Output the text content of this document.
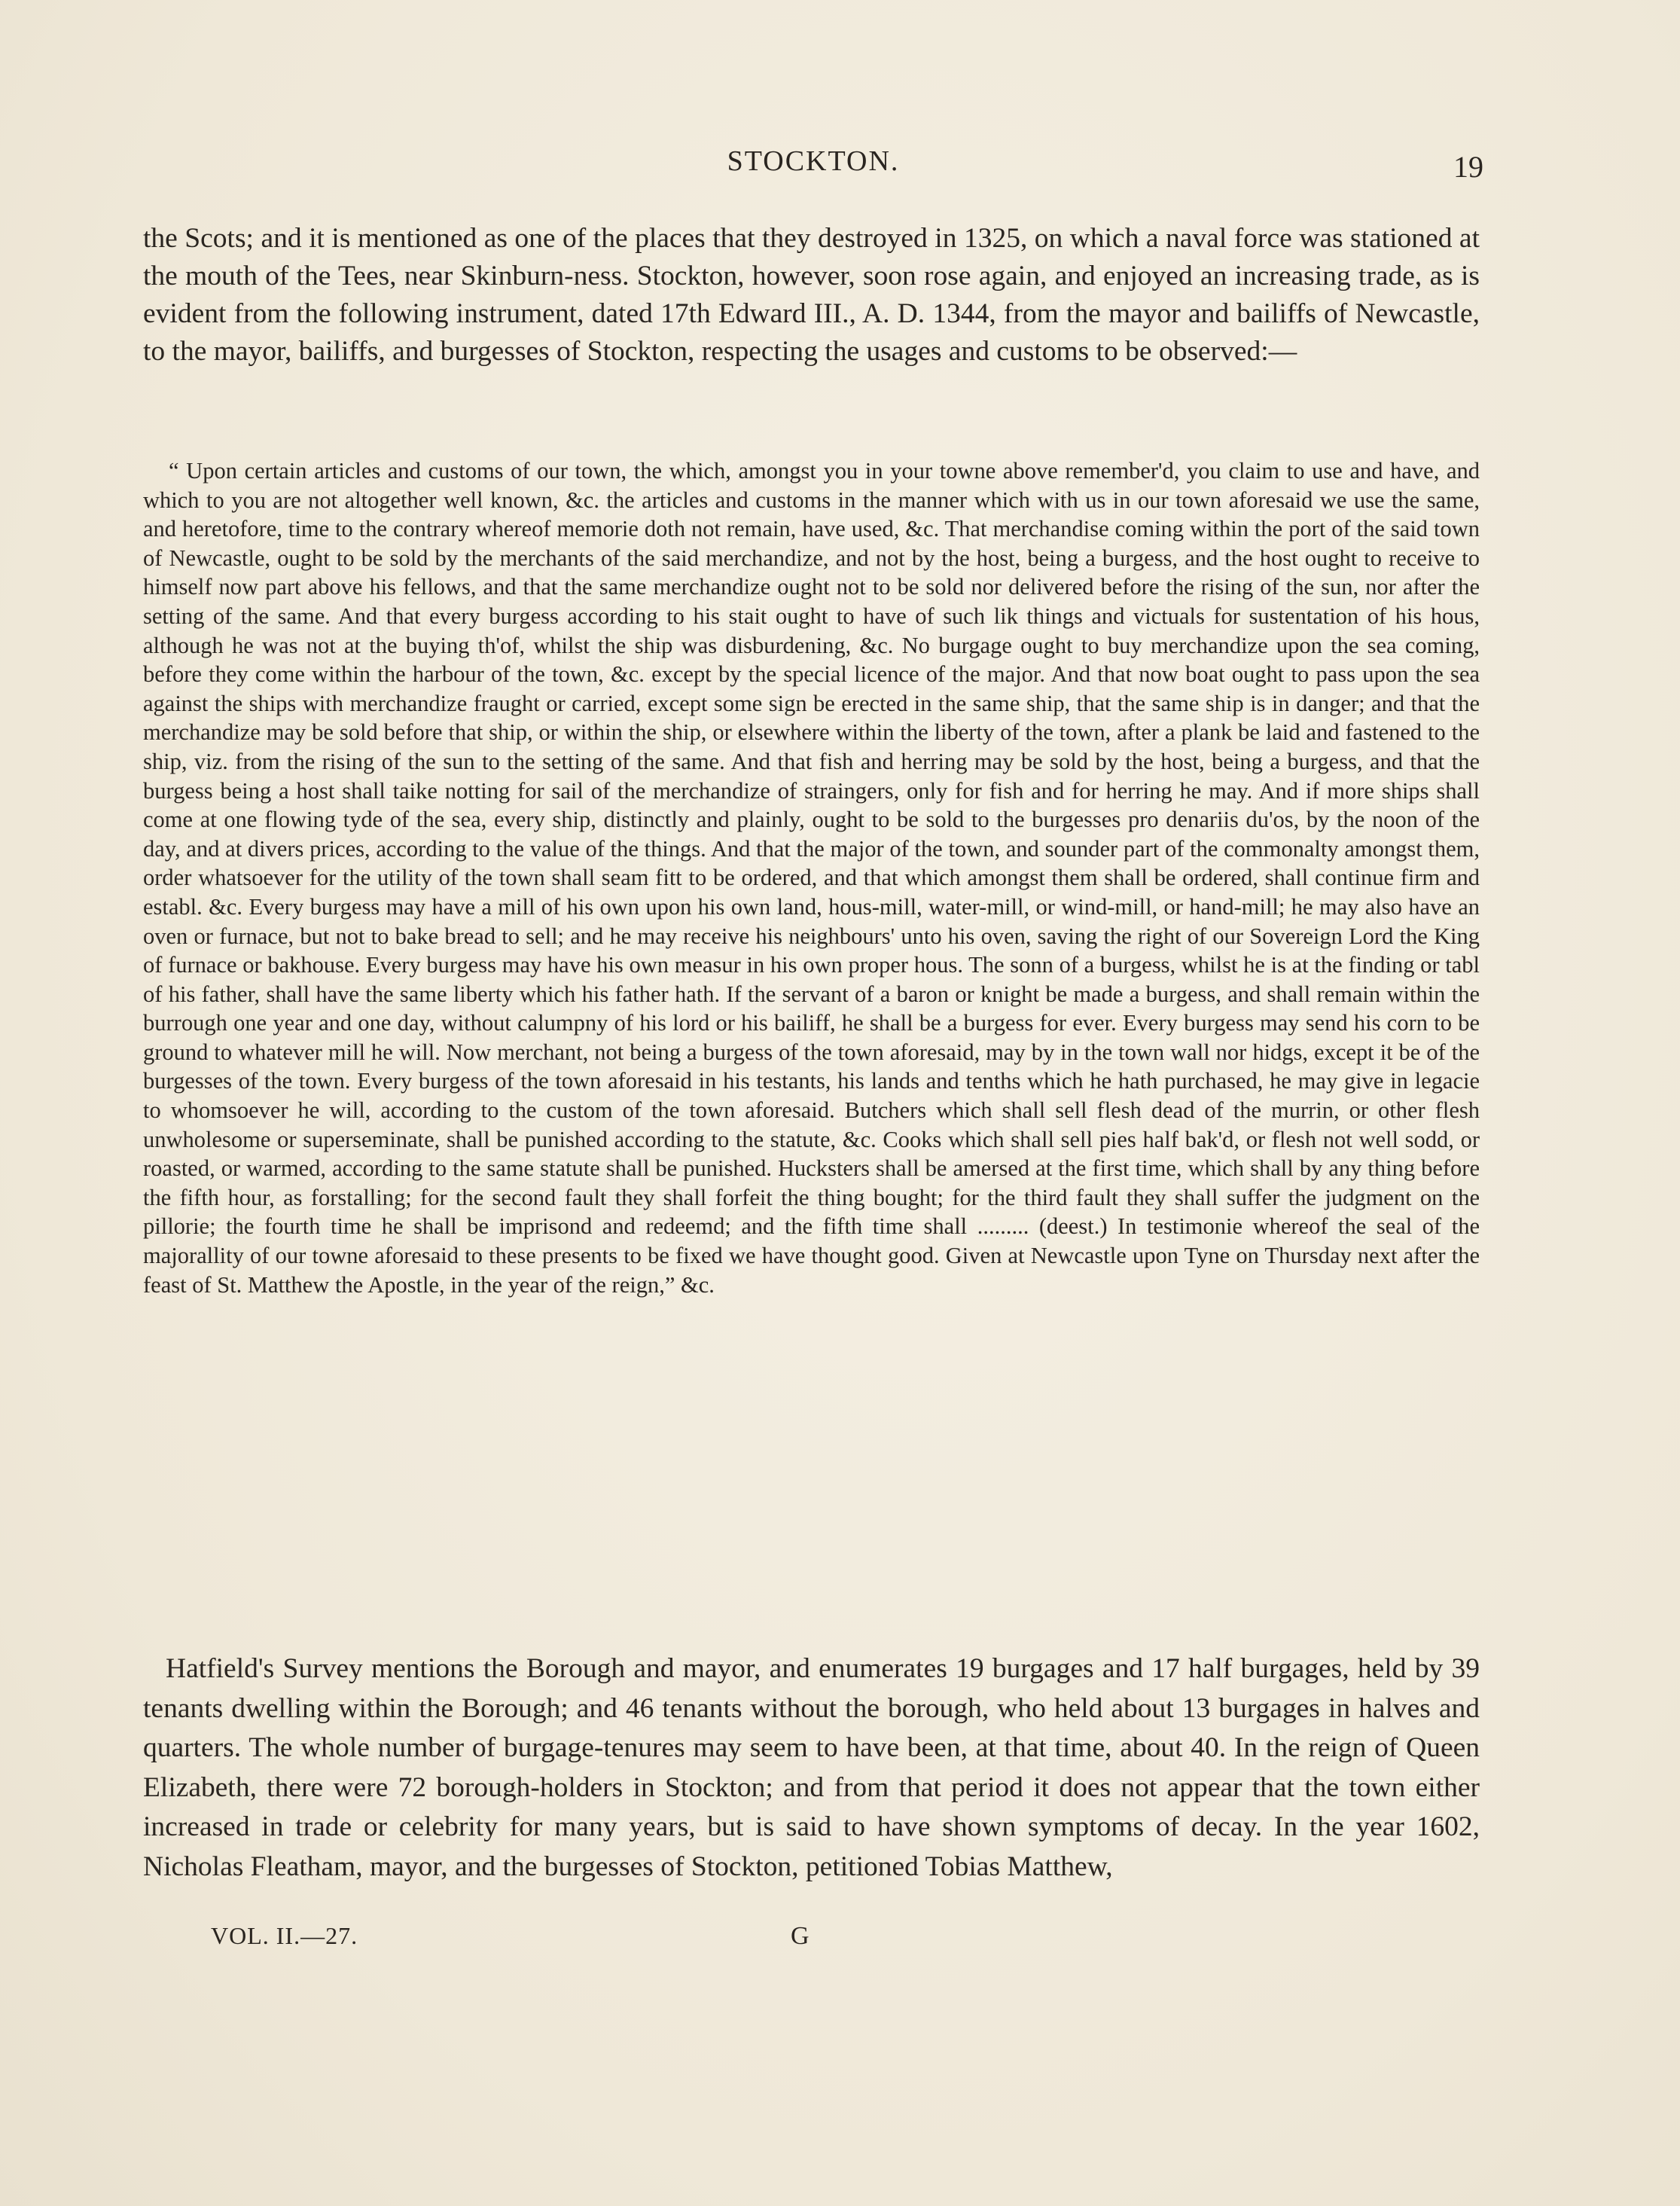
STOCKTON.	19

the Scots; and it is mentioned as one of the places that they destroyed in 1325, on which a naval force was stationed at the mouth of the Tees, near Skinburn-ness. Stockton, however, soon rose again, and enjoyed an increasing trade, as is evident from the following instrument, dated 17th Edward III., A. D. 1344, from the mayor and bailiffs of Newcastle, to the mayor, bailiffs, and burgesses of Stockton, respecting the usages and customs to be observed:—

“ Upon certain articles and customs of our town, the which, amongst you in your towne above remember'd, you claim to use and have, and which to you are not altogether well known, &c. the articles and customs in the manner which with us in our town aforesaid we use the same, and heretofore, time to the contrary whereof memorie doth not remain, have used, &c. That merchandise coming within the port of the said town of Newcastle, ought to be sold by the merchants of the said merchandize, and not by the host, being a burgess, and the host ought to receive to himself now part above his fellows, and that the same merchandize ought not to be sold nor delivered before the rising of the sun, nor after the setting of the same. And that every burgess according to his stait ought to have of such lik things and victuals for sustentation of his hous, although he was not at the buying th'of, whilst the ship was disburdening, &c. No burgage ought to buy merchandize upon the sea coming, before they come within the harbour of the town, &c. except by the special licence of the major. And that now boat ought to pass upon the sea against the ships with merchandize fraught or carried, except some sign be erected in the same ship, that the same ship is in danger; and that the merchandize may be sold before that ship, or within the ship, or elsewhere within the liberty of the town, after a plank be laid and fastened to the ship, viz. from the rising of the sun to the setting of the same. And that fish and herring may be sold by the host, being a burgess, and that the burgess being a host shall taike notting for sail of the merchandize of straingers, only for fish and for herring he may. And if more ships shall come at one flowing tyde of the sea, every ship, distinctly and plainly, ought to be sold to the burgesses pro denariis du'os, by the noon of the day, and at divers prices, according to the value of the things. And that the major of the town, and sounder part of the commonalty amongst them, order whatsoever for the utility of the town shall seam fitt to be ordered, and that which amongst them shall be ordered, shall continue firm and establ. &c. Every burgess may have a mill of his own upon his own land, hous-mill, water-mill, or wind-mill, or hand-mill; he may also have an oven or furnace, but not to bake bread to sell; and he may receive his neighbours' unto his oven, saving the right of our Sovereign Lord the King of furnace or bakhouse. Every burgess may have his own measur in his own proper hous. The sonn of a burgess, whilst he is at the finding or tabl of his father, shall have the same liberty which his father hath. If the servant of a baron or knight be made a burgess, and shall remain within the burrough one year and one day, without calumpny of his lord or his bailiff, he shall be a burgess for ever. Every burgess may send his corn to be ground to whatever mill he will. Now merchant, not being a burgess of the town aforesaid, may by in the town wall nor hidgs, except it be of the burgesses of the town. Every burgess of the town aforesaid in his testants, his lands and tenths which he hath purchased, he may give in legacie to whomsoever he will, according to the custom of the town aforesaid. Butchers which shall sell flesh dead of the murrin, or other flesh unwholesome or superseminate, shall be punished according to the statute, &c. Cooks which shall sell pies half bak'd, or flesh not well sodd, or roasted, or warmed, according to the same statute shall be punished. Hucksters shall be amersed at the first time, which shall by any thing before the fifth hour, as forstalling; for the second fault they shall forfeit the thing bought; for the third fault they shall suffer the judgment on the pillorie; the fourth time he shall be imprisond and redeemd; and the fifth time shall ......... (deest.) In testimonie whereof the seal of the majorallity of our towne aforesaid to these presents to be fixed we have thought good. Given at Newcastle upon Tyne on Thursday next after the feast of St. Matthew the Apostle, in the year of the reign,” &c.

Hatfield's Survey mentions the Borough and mayor, and enumerates 19 burgages and 17 half burgages, held by 39 tenants dwelling within the Borough; and 46 tenants without the borough, who held about 13 burgages in halves and quarters. The whole number of burgage-tenures may seem to have been, at that time, about 40. In the reign of Queen Elizabeth, there were 72 borough-holders in Stockton; and from that period it does not appear that the town either increased in trade or celebrity for many years, but is said to have shown symptoms of decay. In the year 1602, Nicholas Fleatham, mayor, and the burgesses of Stockton, petitioned Tobias Matthew,

VOL. II.—27.	G
